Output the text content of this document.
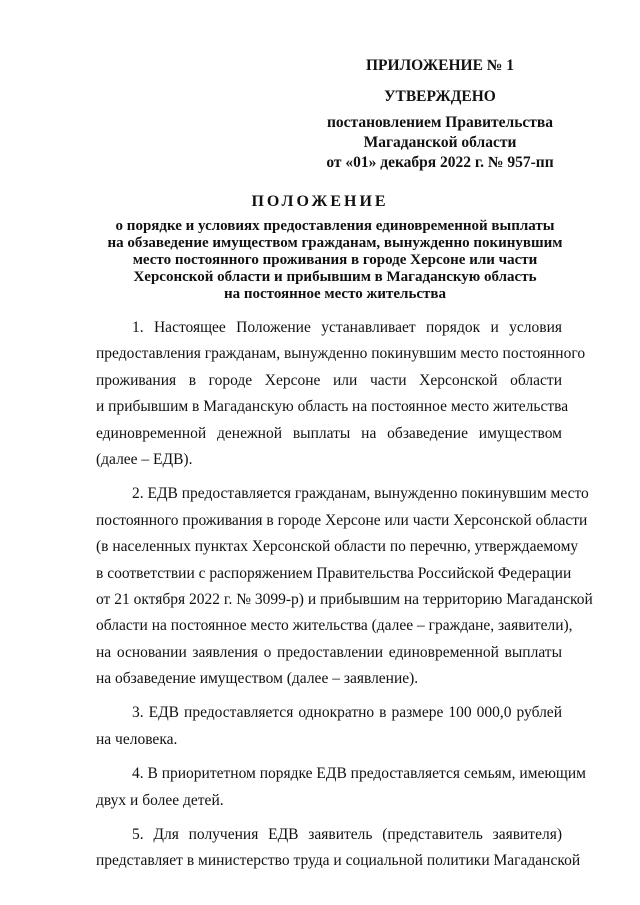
ПРИЛОЖЕНИЕ № 1
УТВЕРЖДЕНО
постановлением Правительства
Магаданской области
от «01» декабря 2022 г. № 957-пп
ПОЛОЖЕНИЕ
о порядке и условиях предоставления единовременной выплаты
на обзаведение имуществом гражданам, вынужденно покинувшим
место постоянного проживания в городе Херсоне или части
Херсонской области и прибывшим в Магаданскую область
на постоянное место жительства
1. Настоящее Положение устанавливает порядок и условия
предоставления гражданам, вынужденно покинувшим место постоянного
проживания в городе Херсоне или части Херсонской области
и прибывшим в Магаданскую область на постоянное место жительства
единовременной денежной выплаты на обзаведение имуществом
(далее – ЕДВ).
2. ЕДВ предоставляется гражданам, вынужденно покинувшим место
постоянного проживания в городе Херсоне или части Херсонской области
(в населенных пунктах Херсонской области по перечню, утверждаемому
в соответствии с распоряжением Правительства Российской Федерации
от 21 октября 2022 г. № 3099-р) и прибывшим на территорию Магаданской
области на постоянное место жительства (далее – граждане, заявители),
на основании заявления о предоставлении единовременной выплаты
на обзаведение имуществом (далее – заявление).
3. ЕДВ предоставляется однократно в размере 100 000,0 рублей
на человека.
4. В приоритетном порядке ЕДВ предоставляется семьям, имеющим
двух и более детей.
5. Для получения ЕДВ заявитель (представитель заявителя)
представляет в министерство труда и социальной политики Магаданской
